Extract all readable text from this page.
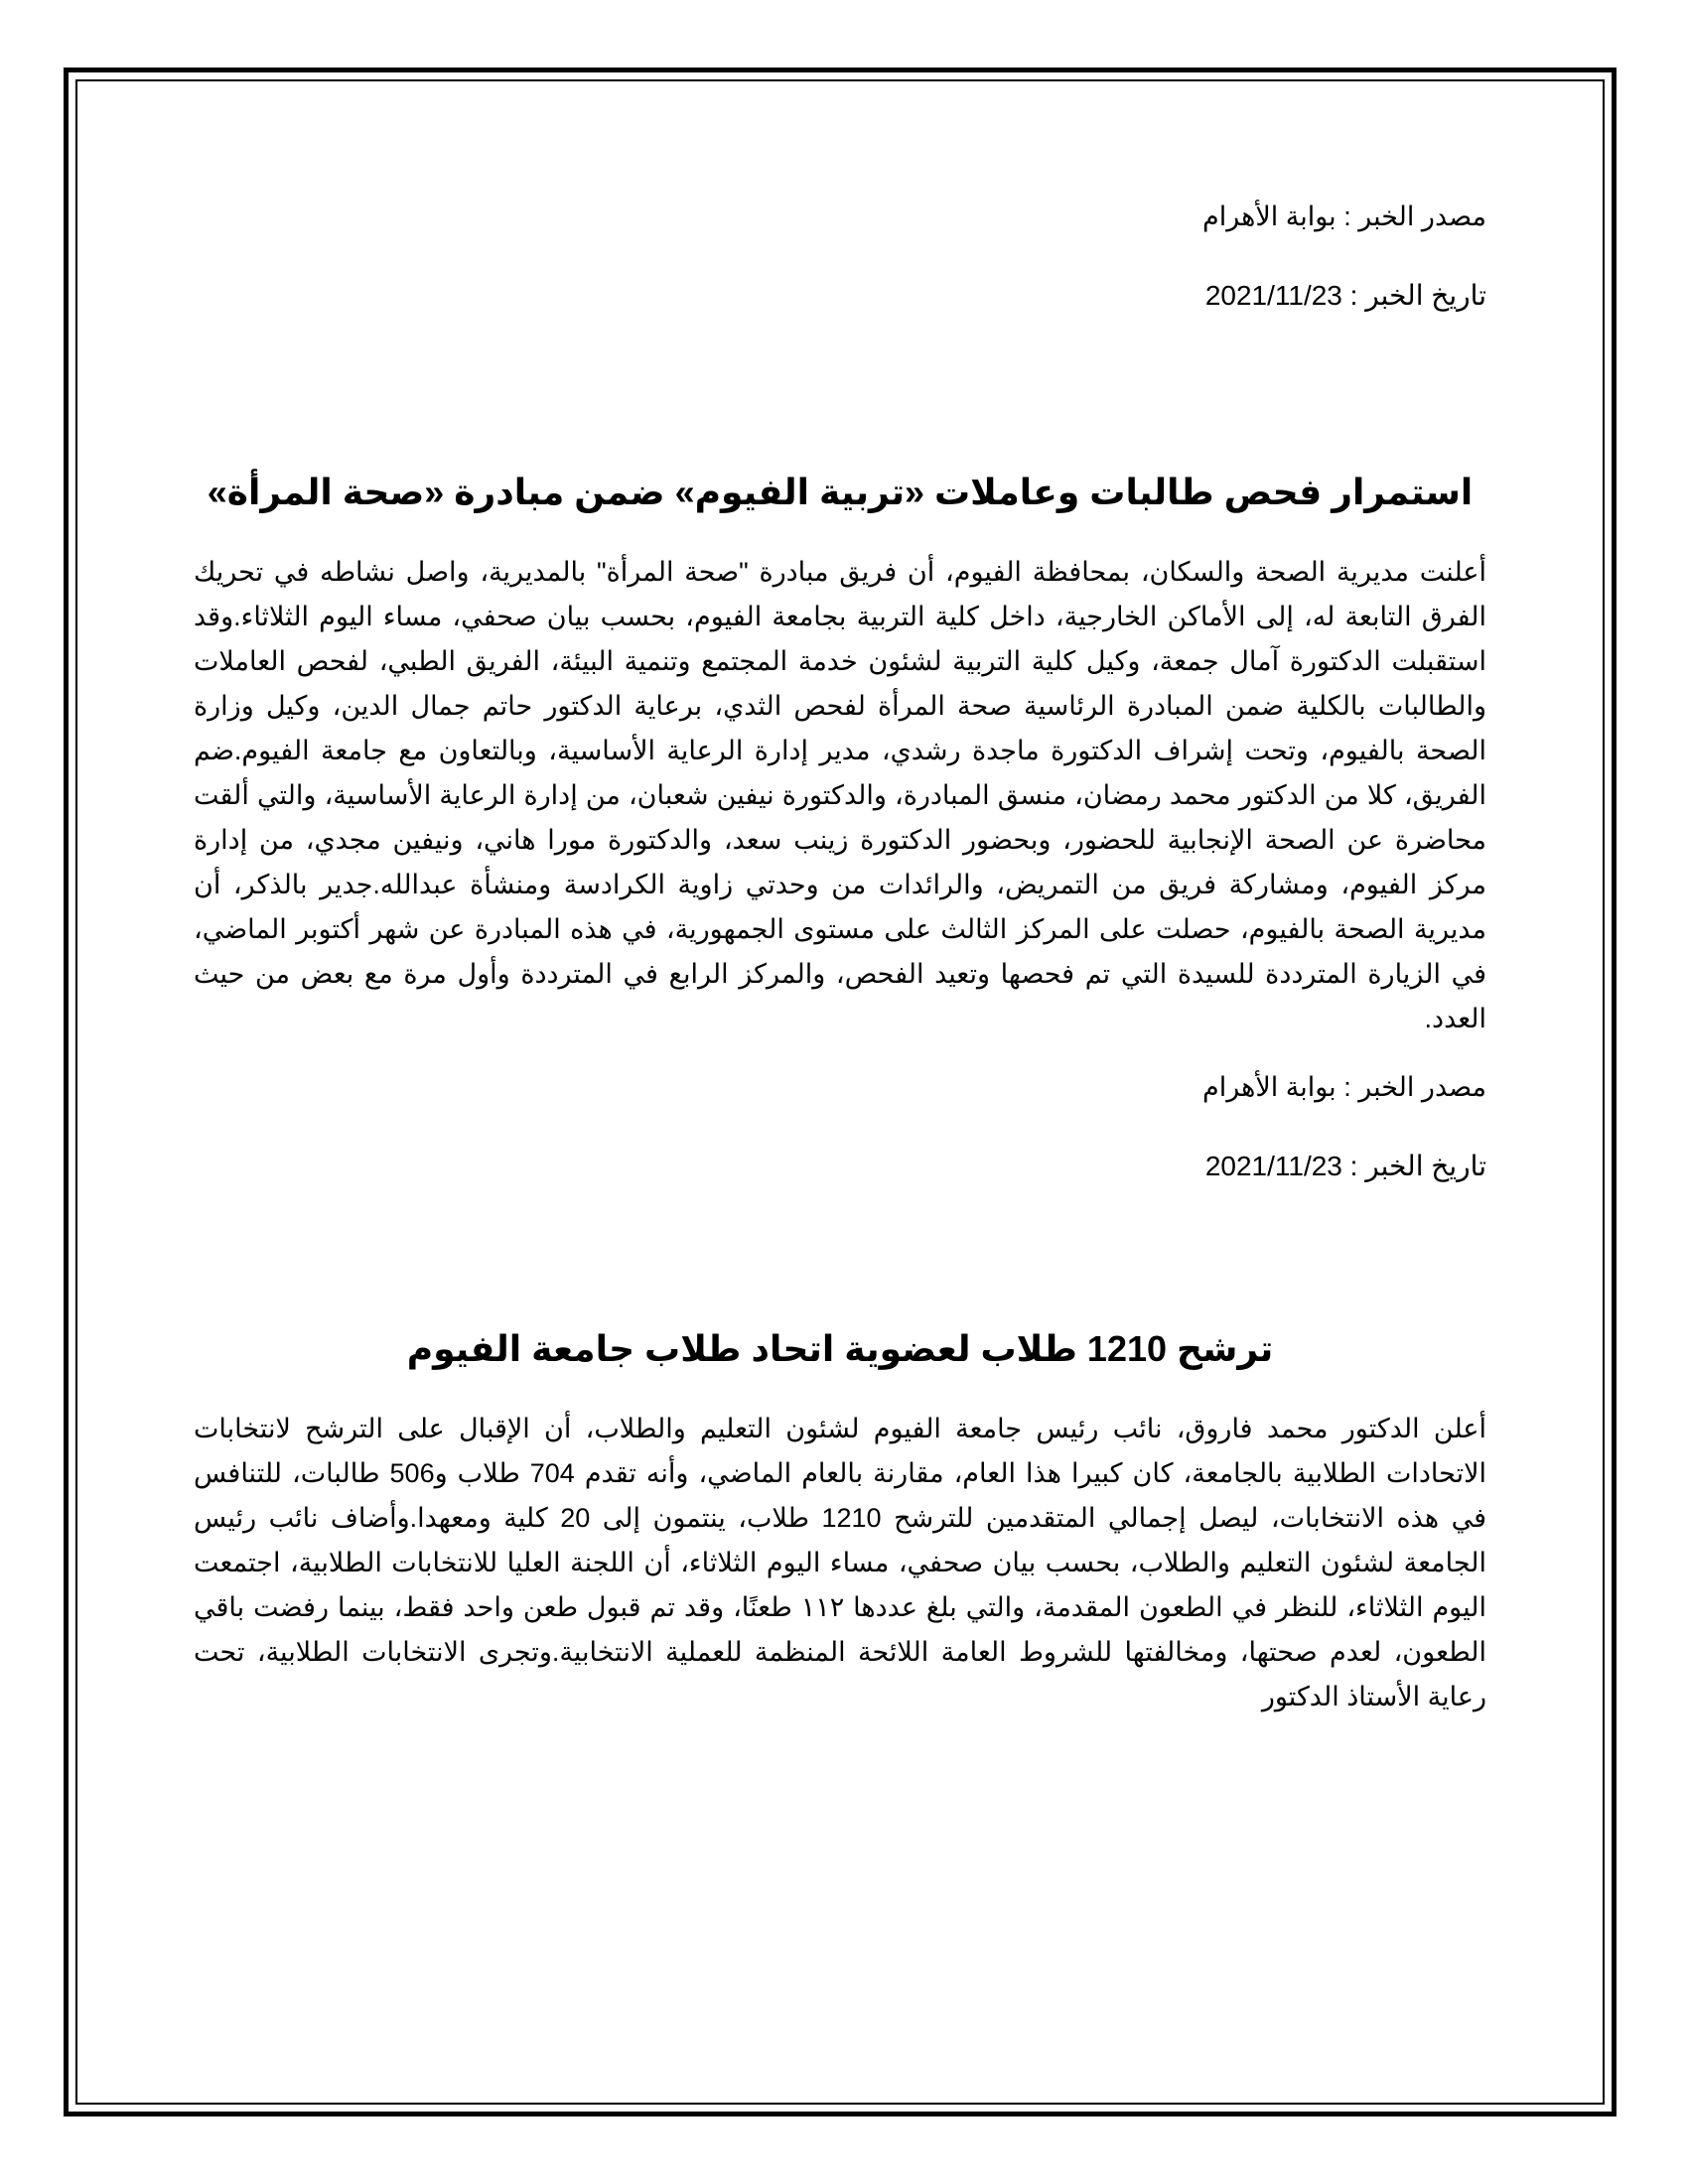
مصدر الخبر : بوابة الأهرام

تاريخ الخبر : 2021/11/23

استمرار فحص طالبات وعاملات «تربية الفيوم» ضمن مبادرة «صحة المرأة»

أعلنت مديرية الصحة والسكان، بمحافظة الفيوم، أن فريق مبادرة "صحة المرأة" بالمديرية، واصل نشاطه في تحريك الفرق التابعة له، إلى الأماكن الخارجية، داخل كلية التربية بجامعة الفيوم، بحسب بيان صحفي، مساء اليوم الثلاثاء.وقد استقبلت الدكتورة آمال جمعة، وكيل كلية التربية لشئون خدمة المجتمع وتنمية البيئة، الفريق الطبي، لفحص العاملات والطالبات بالكلية ضمن المبادرة الرئاسية صحة المرأة لفحص الثدي، برعاية الدكتور حاتم جمال الدين، وكيل وزارة الصحة بالفيوم، وتحت إشراف الدكتورة ماجدة رشدي، مدير إدارة الرعاية الأساسية، وبالتعاون مع جامعة الفيوم.ضم الفريق، كلا من الدكتور محمد رمضان، منسق المبادرة، والدكتورة نيفين شعبان، من إدارة الرعاية الأساسية، والتي ألقت محاضرة عن الصحة الإنجابية للحضور، وبحضور الدكتورة زينب سعد، والدكتورة مورا هاني، ونيفين مجدي، من إدارة مركز الفيوم، ومشاركة فريق من التمريض، والرائدات من وحدتي زاوية الكرادسة ومنشأة عبدالله.جدير بالذكر، أن مديرية الصحة بالفيوم، حصلت على المركز الثالث على مستوى الجمهورية، في هذه المبادرة عن شهر أكتوبر الماضي، في الزيارة المترددة للسيدة التي تم فحصها وتعيد الفحص، والمركز الرابع في المترددة وأول مرة مع بعض من حيث العدد.

مصدر الخبر : بوابة الأهرام

تاريخ الخبر : 2021/11/23

ترشح 1210 طلاب لعضوية اتحاد طلاب جامعة الفيوم

أعلن الدكتور محمد فاروق، نائب رئيس جامعة الفيوم لشئون التعليم والطلاب، أن الإقبال على الترشح لانتخابات الاتحادات الطلابية بالجامعة، كان كبيرا هذا العام، مقارنة بالعام الماضي، وأنه تقدم 704 طلاب و506 طالبات، للتنافس في هذه الانتخابات، ليصل إجمالي المتقدمين للترشح 1210 طلاب، ينتمون إلى 20 كلية ومعهدا.وأضاف نائب رئيس الجامعة لشئون التعليم والطلاب، بحسب بيان صحفي، مساء اليوم الثلاثاء، أن اللجنة العليا للانتخابات الطلابية، اجتمعت اليوم الثلاثاء، للنظر في الطعون المقدمة، والتي بلغ عددها ١١٢ طعنًا، وقد تم قبول طعن واحد فقط، بينما رفضت باقي الطعون، لعدم صحتها، ومخالفتها للشروط العامة اللائحة المنظمة للعملية الانتخابية.وتجرى الانتخابات الطلابية، تحت رعاية الأستاذ الدكتور
